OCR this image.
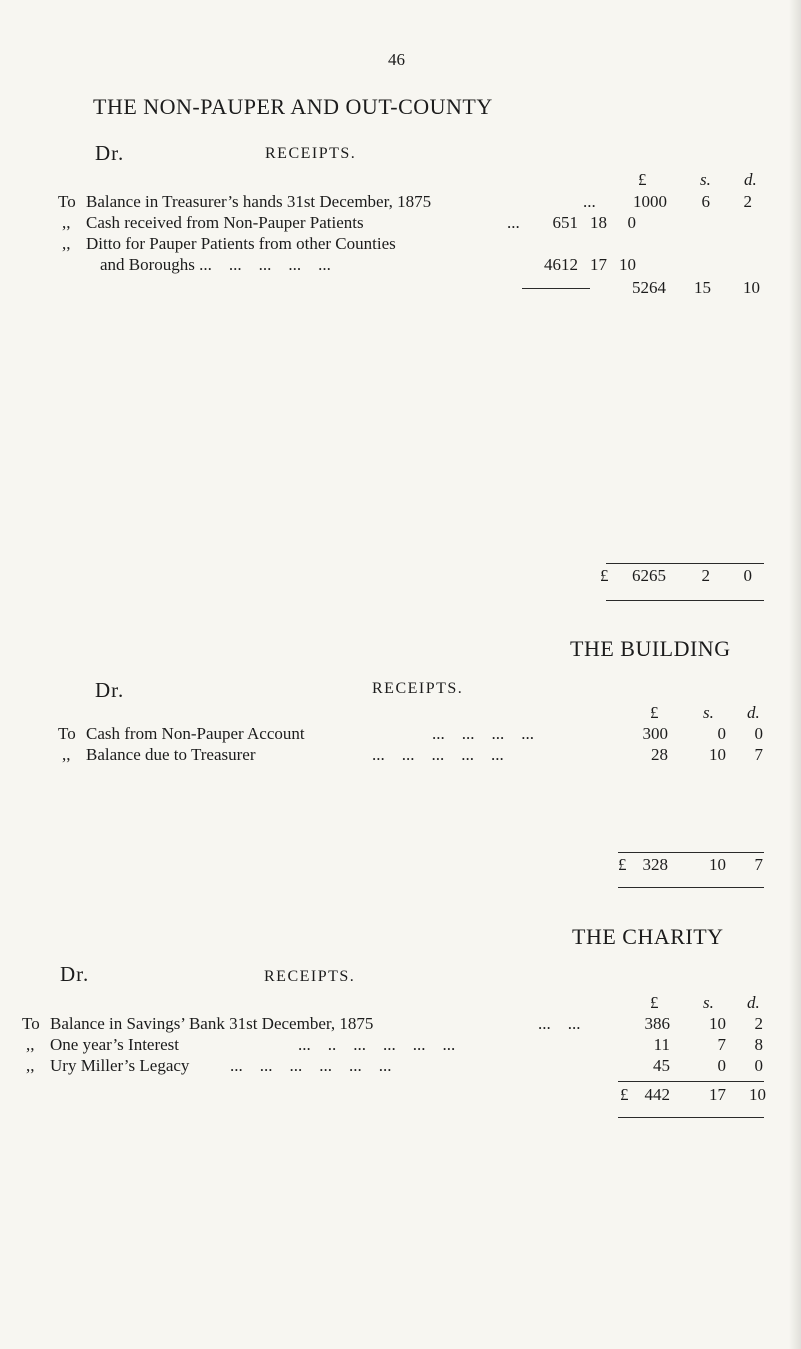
46
THE NON-PAUPER AND OUT-COUNTY
Dr.	RECEIPTS.
£	s. d.
To Balance in Treasurer’s hands 31st December, 1875	...	1000	6	2
,, Cash received from Non-Pauper Patients	...	651 18	0
,, Ditto for Pauper Patients from other Counties
and Boroughs ...    ...    ...    ...    ...	4612 17 10
5264	15	10
£	6265	2	0
THE BUILDING
Dr.	RECEIPTS.
£	s. d.
To Cash from Non-Pauper Account	...    ...    ...    ...	300	0	0
,, Balance due to Treasurer	...    ...    ...    ...    ...	28	10	7
£ 328	10	7
THE CHARITY
Dr.	RECEIPTS.
£	s. d.
To Balance in Savings’ Bank 31st December, 1875	...    ...	386	10	2
,, One year’s Interest	...    ..    ...    ...    ...    ...	11	7	8
,, Ury Miller’s Legacy ...    ...    ...    ...    ...    ...	45	0	0
£ 442	17	10
